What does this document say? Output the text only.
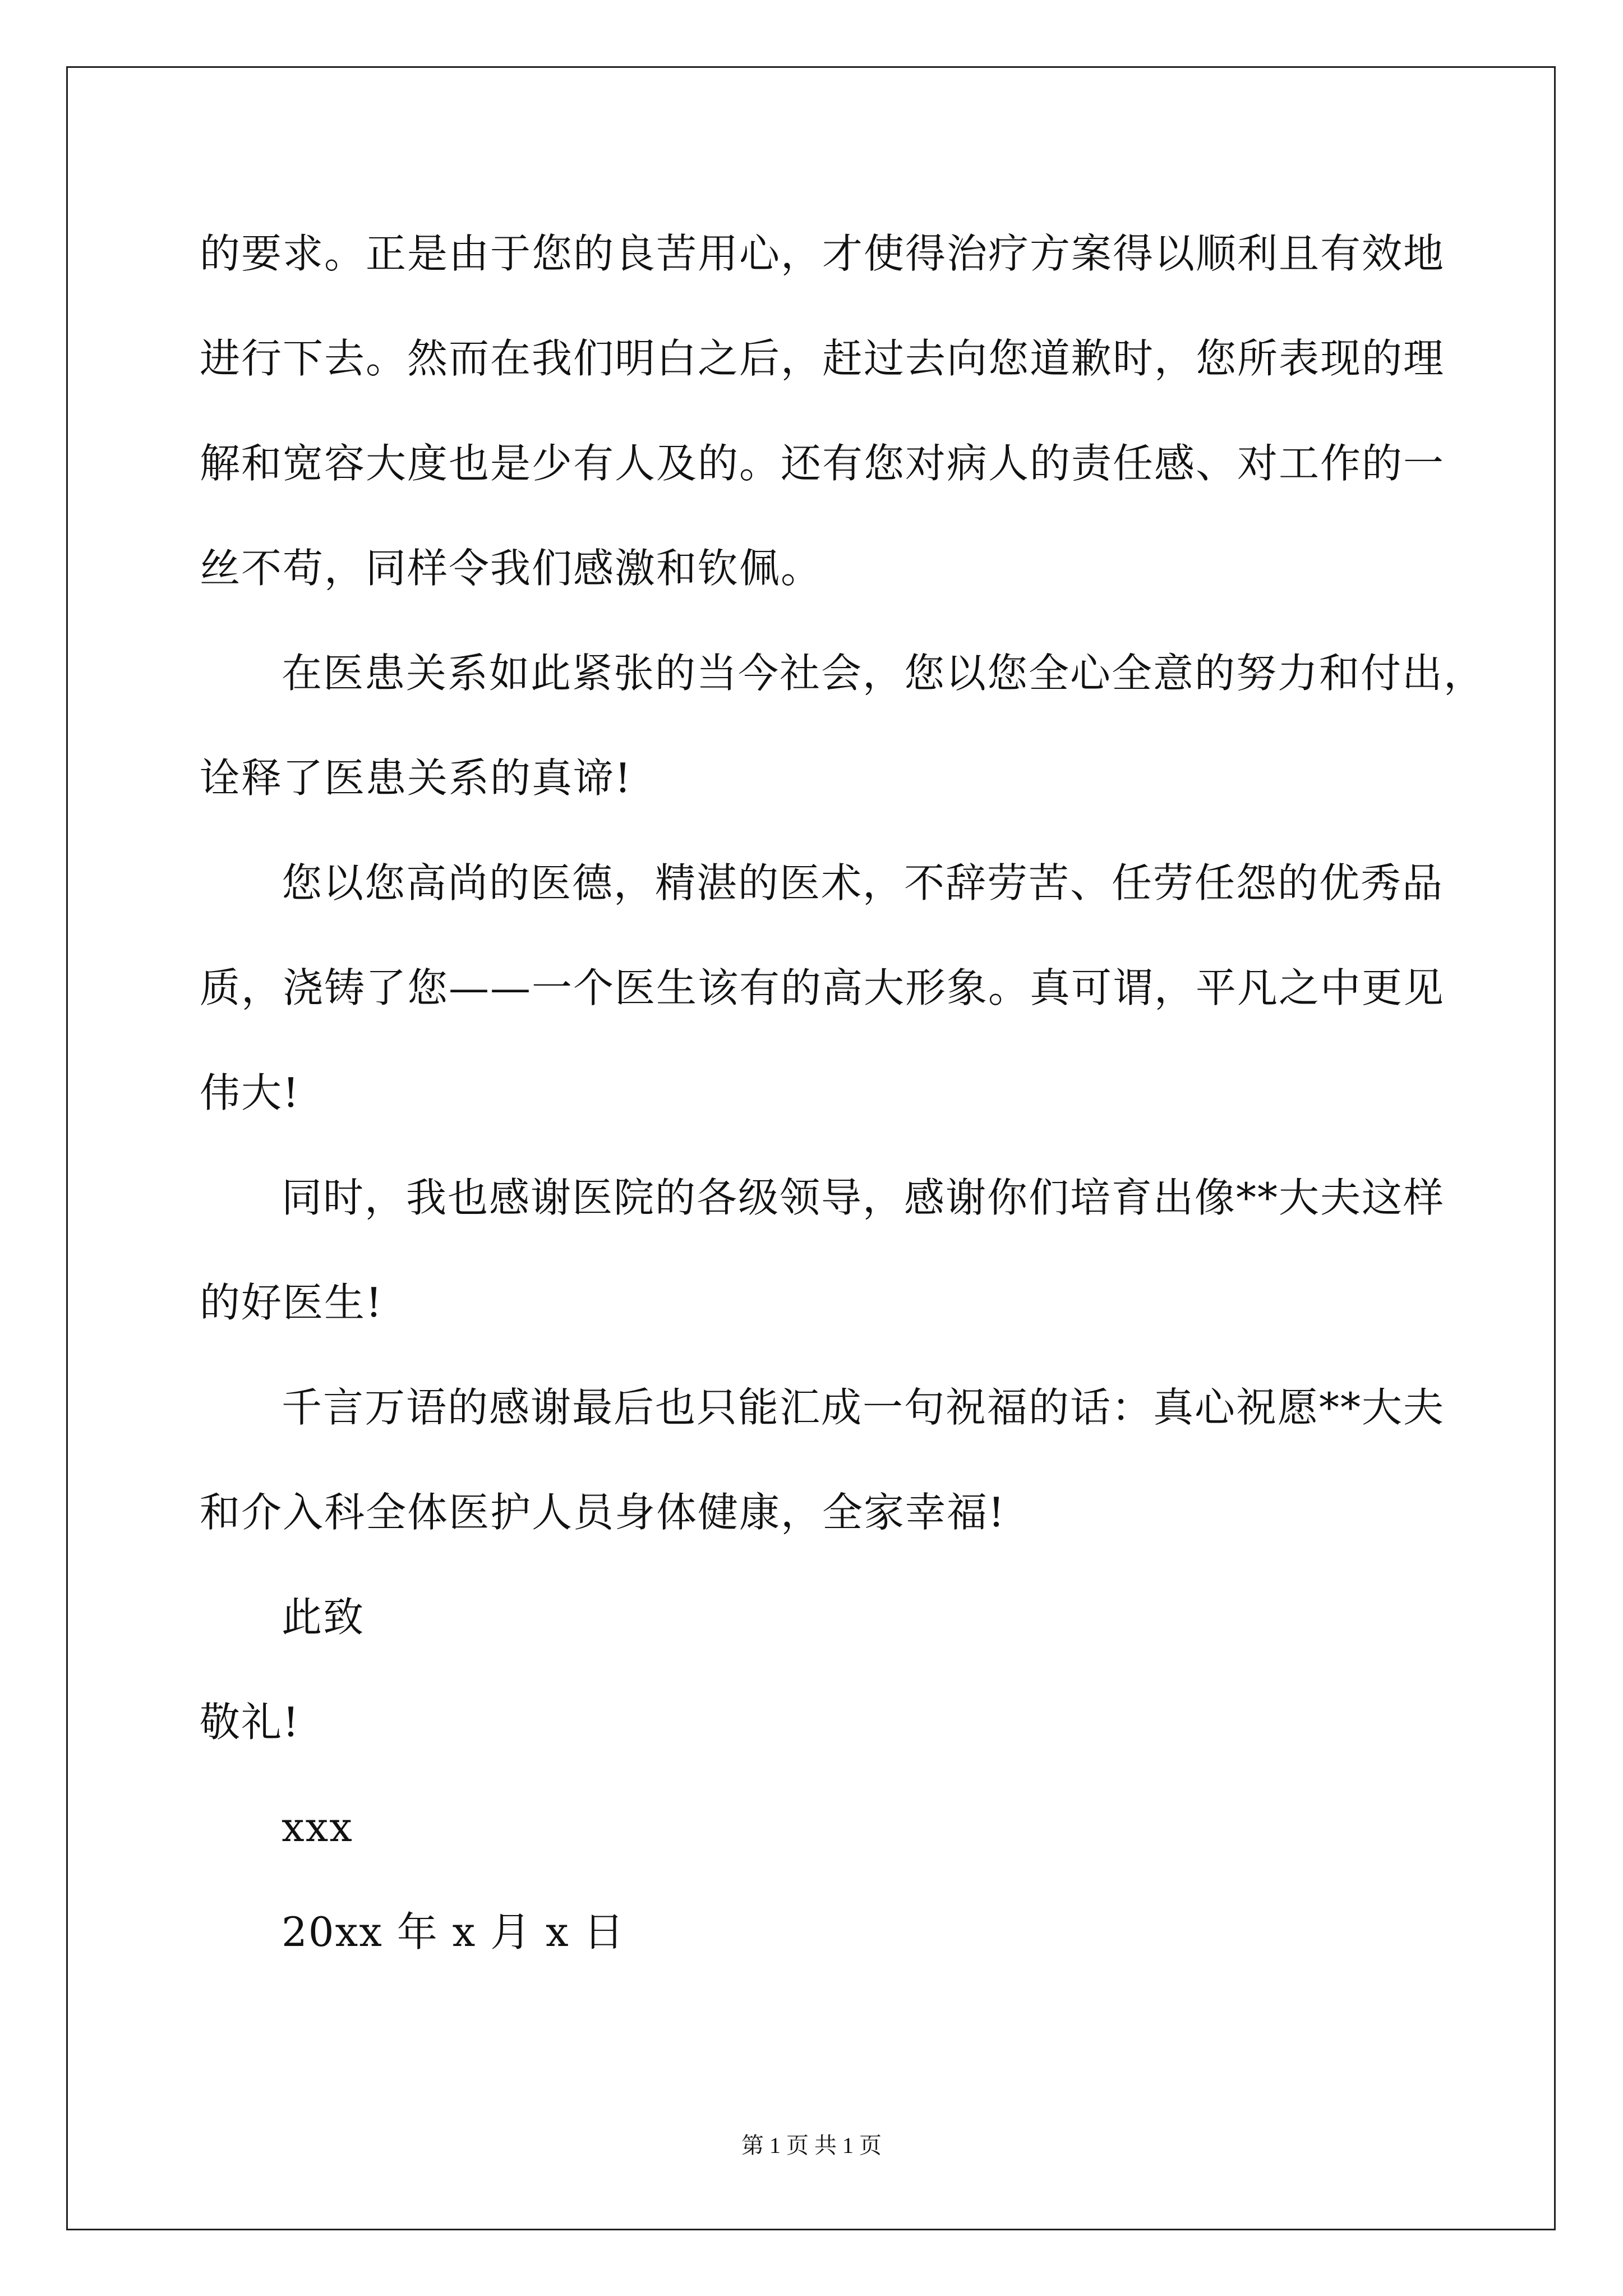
的要求。正是由于您的良苦用心，才使得治疗方案得以顺利且有效地
进行下去。然而在我们明白之后，赶过去向您道歉时，您所表现的理
解和宽容大度也是少有人及的。还有您对病人的责任感、对工作的一
丝不苟，同样令我们感激和钦佩。
在医患关系如此紧张的当今社会，您以您全心全意的努力和付出，
诠释了医患关系的真谛!
您以您高尚的医德，精湛的医术，不辞劳苦、任劳任怨的优秀品
质，浇铸了您——一个医生该有的高大形象。真可谓，平凡之中更见
伟大!
同时，我也感谢医院的各级领导，感谢你们培育出像**大夫这样
的好医生!
千言万语的感谢最后也只能汇成一句祝福的话：真心祝愿**大夫
和介入科全体医护人员身体健康，全家幸福!
此致
敬礼!
xxx
20xx 年 x 月 x 日
第 1 页 共 1 页
